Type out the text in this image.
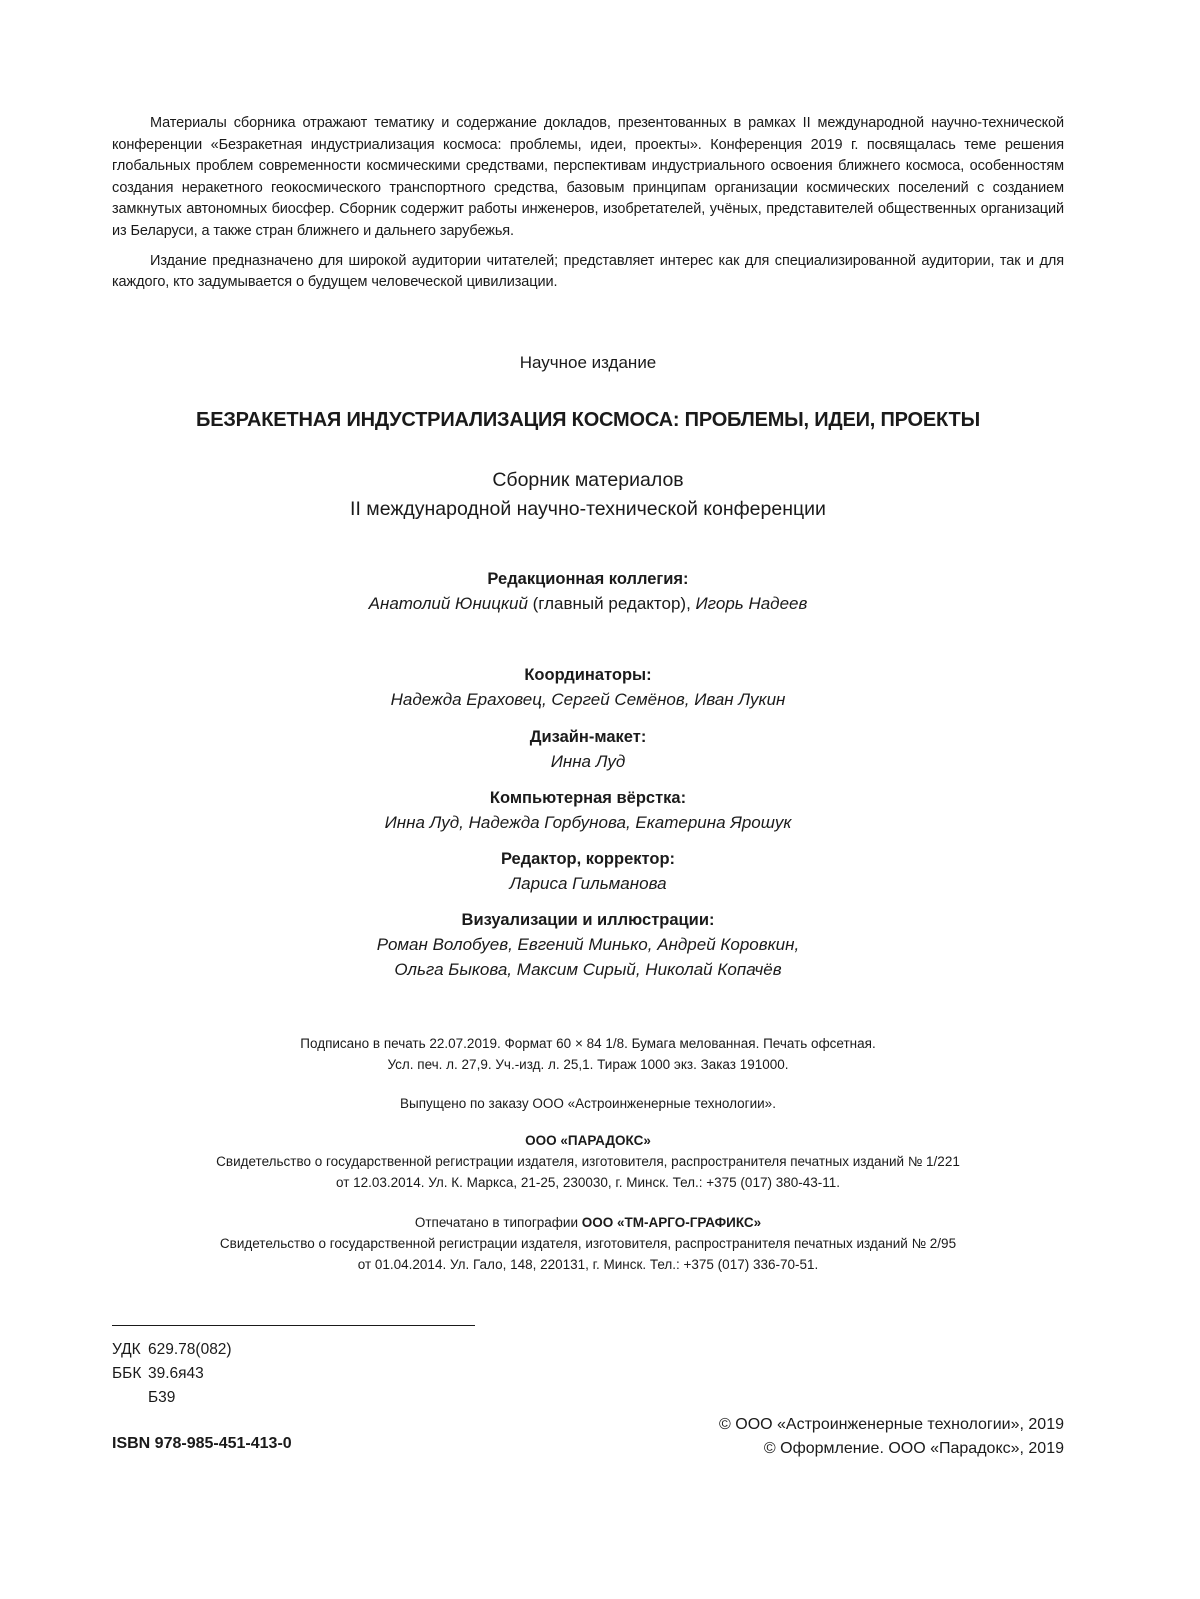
Материалы сборника отражают тематику и содержание докладов, презентованных в рамках II международной научно-технической конференции «Безракетная индустриализация космоса: проблемы, идеи, проекты». Конференция 2019 г. посвящалась теме решения глобальных проблем современности космическими средствами, перспективам индустриального освоения ближнего космоса, особенностям создания неракетного геокосмического транспортного средства, базовым принципам организации космических поселений с созданием замкнутых автономных биосфер. Сборник содержит работы инженеров, изобретателей, учёных, представителей общественных организаций из Беларуси, а также стран ближнего и дальнего зарубежья.

Издание предназначено для широкой аудитории читателей; представляет интерес как для специализированной аудитории, так и для каждого, кто задумывается о будущем человеческой цивилизации.

Научное издание
БЕЗРАКЕТНАЯ ИНДУСТРИАЛИЗАЦИЯ КОСМОСА: ПРОБЛЕМЫ, ИДЕИ, ПРОЕКТЫ
Сборник материалов
II международной научно-технической конференции
Редакционная коллегия:
Анатолий Юницкий (главный редактор), Игорь Надеев
Координаторы:
Надежда Ераховец, Сергей Семёнов, Иван Лукин
Дизайн-макет:
Инна Луд
Компьютерная вёрстка:
Инна Луд, Надежда Горбунова, Екатерина Ярошук
Редактор, корректор:
Лариса Гильманова
Визуализации и иллюстрации:
Роман Волобуев, Евгений Минько, Андрей Коровкин,
Ольга Быкова, Максим Сирый, Николай Копачёв
Подписано в печать 22.07.2019. Формат 60 × 84 1/8. Бумага мелованная. Печать офсетная.
Усл. печ. л. 27,9. Уч.-изд. л. 25,1. Тираж 1000 экз. Заказ 191000.
Выпущено по заказу ООО «Астроинженерные технологии».
ООО «ПАРАДОКС»
Свидетельство о государственной регистрации издателя, изготовителя, распространителя печатных изданий № 1/221
от 12.03.2014. Ул. К. Маркса, 21-25, 230030, г. Минск. Тел.: +375 (017) 380-43-11.
Отпечатано в типографии ООО «ТМ-АРГО-ГРАФИКС»
Свидетельство о государственной регистрации издателя, изготовителя, распространителя печатных изданий № 2/95
от 01.04.2014. Ул. Гало, 148, 220131, г. Минск. Тел.: +375 (017) 336-70-51.
УДК 629.78(082)
ББК 39.6я43
Б39
ISBN 978-985-451-413-0
© ООО «Астроинженерные технологии», 2019
© Оформление. ООО «Парадокс», 2019
